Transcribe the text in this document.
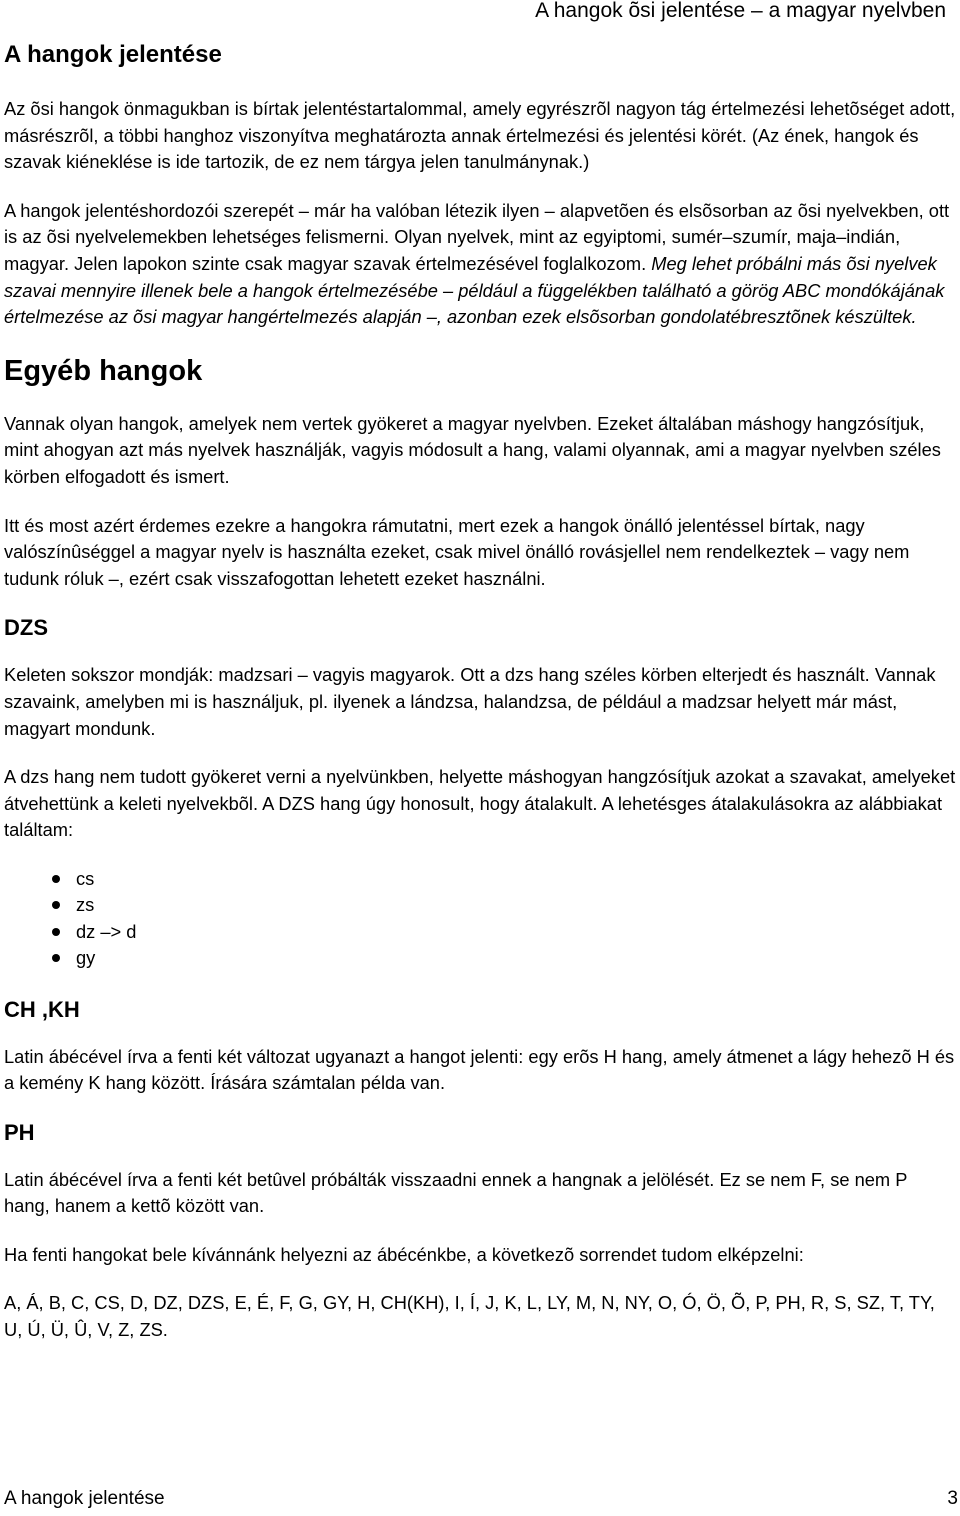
A hangok õsi jelentése – a magyar nyelvben
A hangok jelentése

Az õsi hangok önmagukban is bírtak jelentéstartalommal, amely egyrészrõl nagyon tág értelmezési lehetõséget adott, másrészrõl, a többi hanghoz viszonyítva meghatározta annak értelmezési és jelentési körét. (Az ének, hangok és szavak kiéneklése is ide tartozik, de ez nem tárgya jelen tanulmánynak.)

A hangok jelentéshordozói szerepét – már ha valóban létezik ilyen – alapvetõen és elsõsorban az õsi nyelvekben, ott is az õsi nyelvelemekben lehetséges felismerni. Olyan nyelvek, mint az egyiptomi, sumér–szumír, maja–indián, magyar. Jelen lapokon szinte csak magyar szavak értelmezésével foglalkozom. Meg lehet próbálni más õsi nyelvek szavai mennyire illenek bele a hangok értelmezésébe – például a függelékben található a görög ABC mondókájának értelmezése az õsi magyar hangértelmezés alapján –, azonban ezek elsõsorban gondolatébresztõnek készültek.

Egyéb hangok

Vannak olyan hangok, amelyek nem vertek gyökeret a magyar nyelvben. Ezeket általában máshogy hangzósítjuk, mint ahogyan azt más nyelvek használják, vagyis módosult a hang, valami olyannak, ami a magyar nyelvben széles körben elfogadott és ismert.

Itt és most azért érdemes ezekre a hangokra rámutatni, mert ezek a hangok önálló jelentéssel bírtak, nagy valószínûséggel a magyar nyelv is használta ezeket, csak mivel önálló rovásjellel nem rendelkeztek – vagy nem tudunk róluk –, ezért csak visszafogottan lehetett ezeket használni.

DZS

Keleten sokszor mondják: madzsari – vagyis magyarok. Ott a dzs hang széles körben elterjedt és használt. Vannak szavaink, amelyben mi is használjuk, pl. ilyenek a lándzsa, halandzsa, de például a madzsar helyett már mást, magyart mondunk.

A dzs hang nem tudott gyökeret verni a nyelvünkben, helyette máshogyan hangzósítjuk azokat a szavakat, amelyeket átvehettünk a keleti nyelvekbõl. A DZS hang úgy honosult, hogy átalakult. A lehetésges átalakulásokra az alábbiakat találtam:

cs
zs
dz –> d
gy
CH ,KH

Latin ábécével írva a fenti két változat ugyanazt a hangot jelenti: egy erõs H hang, amely átmenet a lágy hehezõ H és a kemény K hang között. Írására számtalan példa van.

PH

Latin ábécével írva a fenti két betûvel próbálták visszaadni ennek a hangnak a jelölését. Ez se nem F, se nem P hang, hanem a kettõ között van.

Ha fenti hangokat bele kívánnánk helyezni az ábécénkbe, a következõ sorrendet tudom elképzelni:

A, Á, B, C, CS, D, DZ, DZS, E, É, F, G, GY, H, CH(KH), I, Í, J, K, L, LY, M, N, NY, O, Ó, Ö, Õ, P, PH, R, S, SZ, T, TY, U, Ú, Ü, Û, V, Z, ZS.

A hangok jelentése	3
